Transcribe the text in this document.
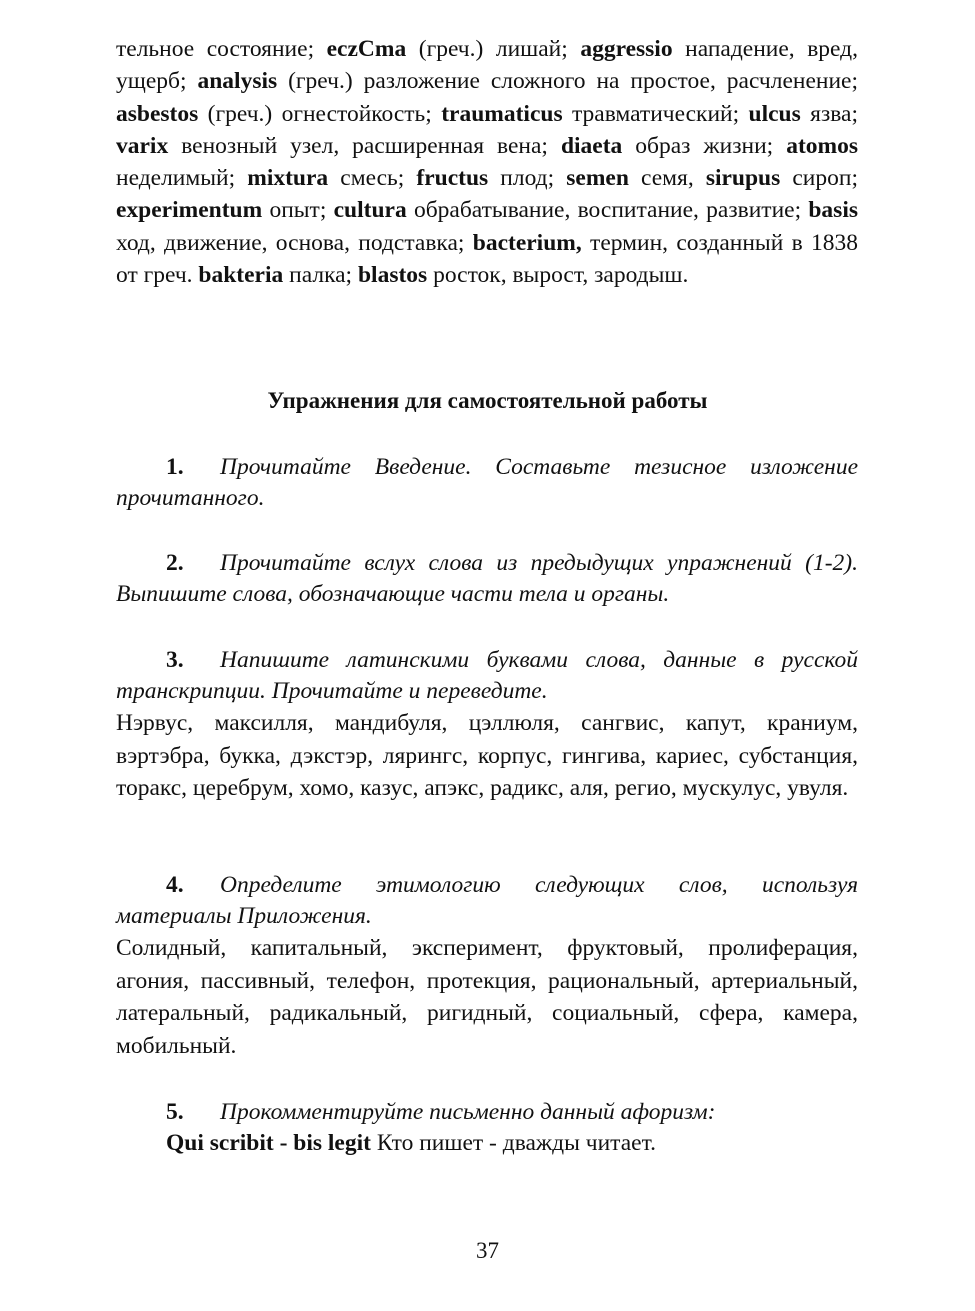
тельное состояние; eczCma (греч.) лишай; aggressio нападение, вред, ущерб; analysis (греч.) разложение сложного на простое, расчленение; asbestos (греч.) огнестойкость; traumaticus травматический; ulcus язва; varix венозный узел, расширенная вена; diaeta образ жизни; atomos неделимый; mixtura смесь; fructus плод; semen семя, sirupus сироп; experimentum опыт; cultura обрабатывание, воспитание, развитие; basis ход, движение, основа, подставка; bacterium, термин, созданный в 1838 от греч. bakteria палка; blastos росток, вырост, зародыш.
Упражнения для самостоятельной работы
1. Прочитайте Введение. Составьте тезисное изложение прочитанного.
2. Прочитайте вслух слова из предыдущих упражнений (1-2). Выпишите слова, обозначающие части тела и органы.
3. Напишите латинскими буквами слова, данные в русской транскрипции. Прочитайте и переведите.
Нэрвус, максилля, мандибуля, цэллюля, сангвис, капут, краниум, вэртэбра, букка, дэкстэр, лярингс, корпус, гингива, кариес, субстанция, торакс, церебрум, хомо, казус, апэкс, радикс, аля, регио, мускулус, увуля.
4. Определите этимологию следующих слов, используя материалы Приложения.
Солидный, капитальный, эксперимент, фруктовый, пролиферация, агония, пассивный, телефон, протекция, рациональный, артериальный, латеральный, радикальный, ригидный, социальный, сфера, камера, мобильный.
5. Прокомментируйте письменно данный афоризм:
Qui scribit - bis legit Кто пишет - дважды читает.
37
